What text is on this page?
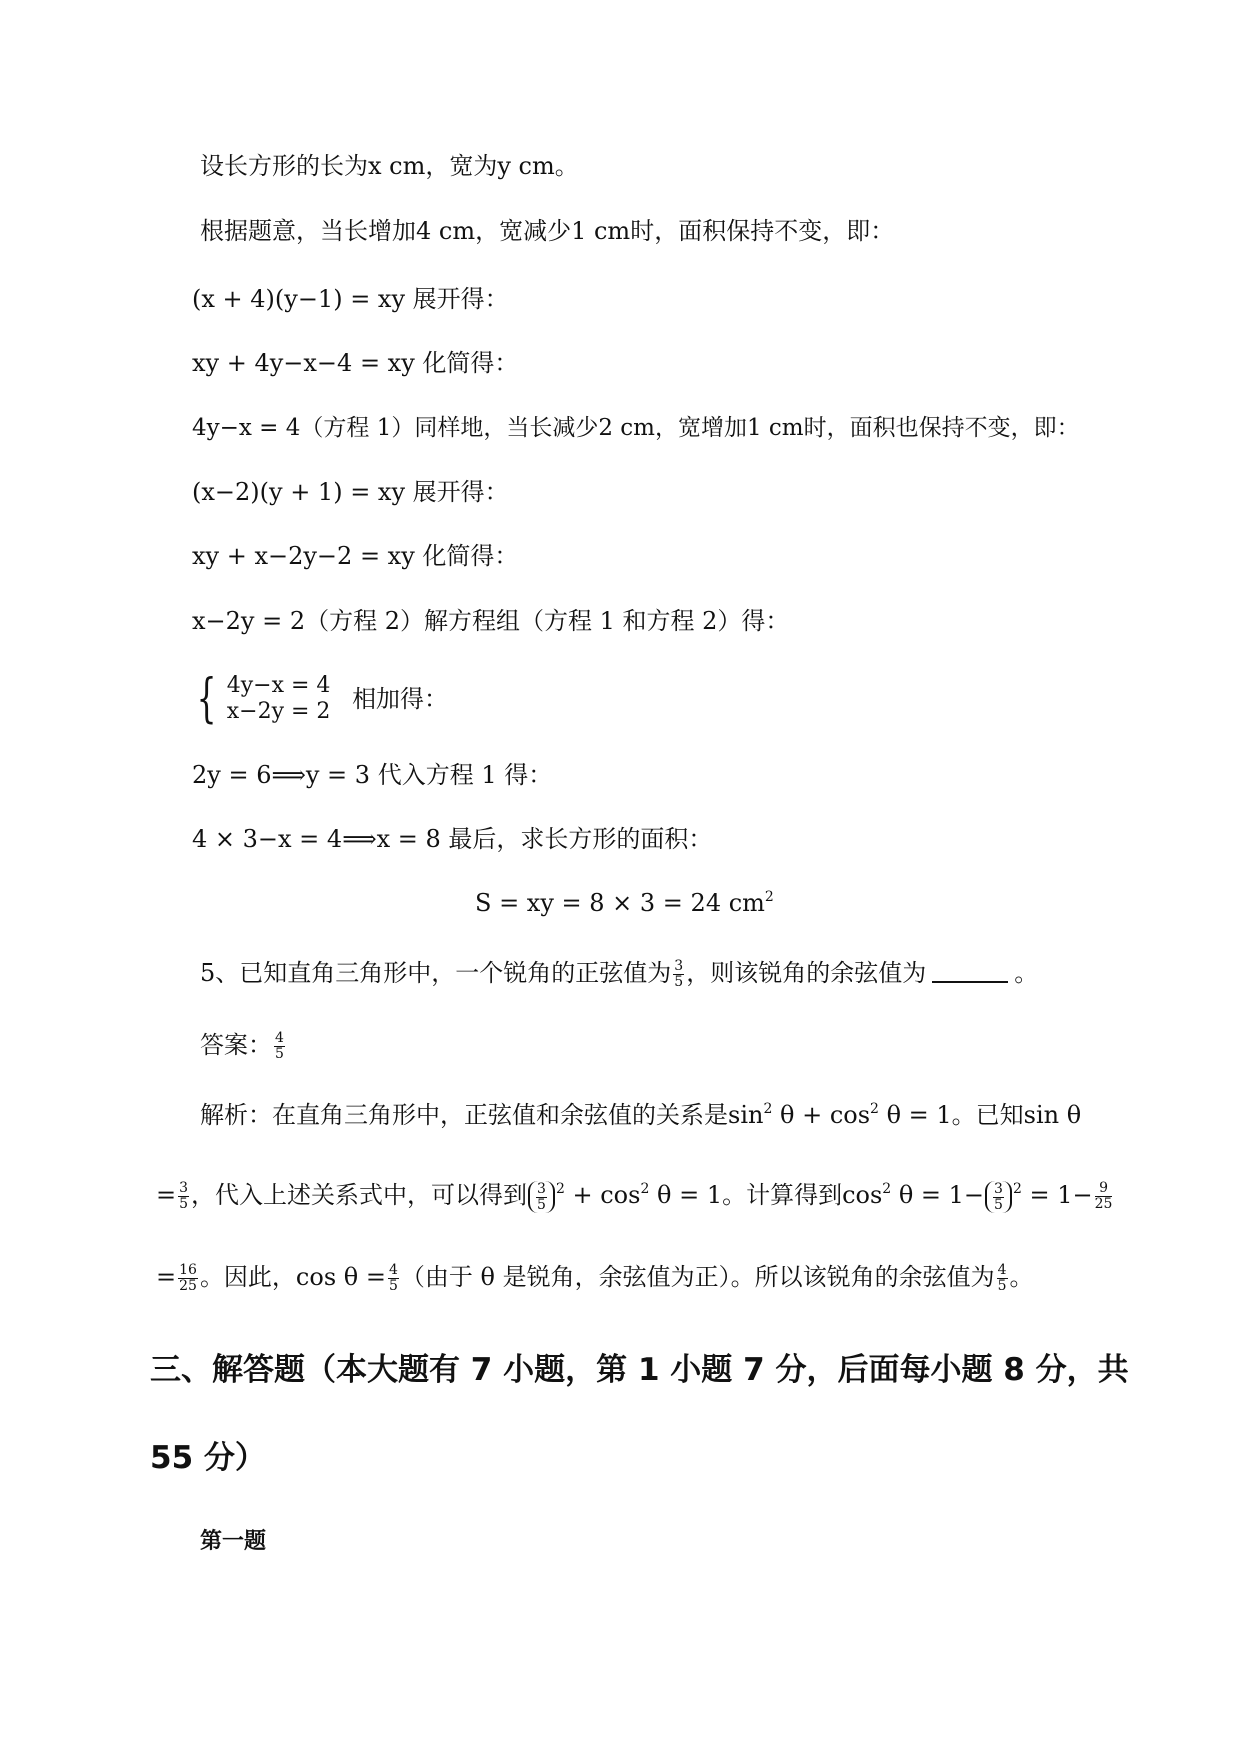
设长方形的长为x cm，宽为y cm。
根据题意，当长增加4 cm，宽减少1 cm时，面积保持不变，即：
(x + 4)(y−1) = xy 展开得：
xy + 4y−x−4 = xy 化简得：
4y−x = 4（方程 1）同样地，当长减少2 cm，宽增加1 cm时，面积也保持不变，即：
(x−2)(y + 1) = xy 展开得：
xy + x−2y−2 = xy 化简得：
x−2y = 2（方程 2）解方程组（方程 1 和方程 2）得：
{ 4y−x = 4
x−2y = 2 相加得：
2y = 6⟹y = 3 代入方程 1 得：
4 × 3−x = 4⟹x = 8 最后，求长方形的面积：
S = xy = 8 × 3 = 24 $cm^2$
5、已知直角三角形中，一个锐角的正弦值为 $\frac{3}{5}$ ，则该锐角的余弦值为	。
答案： $\frac{4}{5}$
解析：在直角三角形中，正弦值和余弦值的关系是$\sin^2 \theta + \cos^2 \theta = 1$。已知sin θ
= $\frac{3}{5}$ ，代入上述关系式中，可以得到 $\frac{3}{5} ^2 + \cos^2 \theta = 1$。计算得到$\cos^2 \theta = 1- \frac{3}{5} ^2 = 1- \frac{9}{25}$
= $\frac{16}{25}$ 。因此，$\cos \theta = \frac{4}{5}$ （由于 θ 是锐角，余弦值为正）。所以该锐角的余弦值为 $\frac{4}{5}$ 。
三、解答题（本大题有 7 小题，第 1 小题 7 分，后面每小题 8 分，共
55 分）
第一题
